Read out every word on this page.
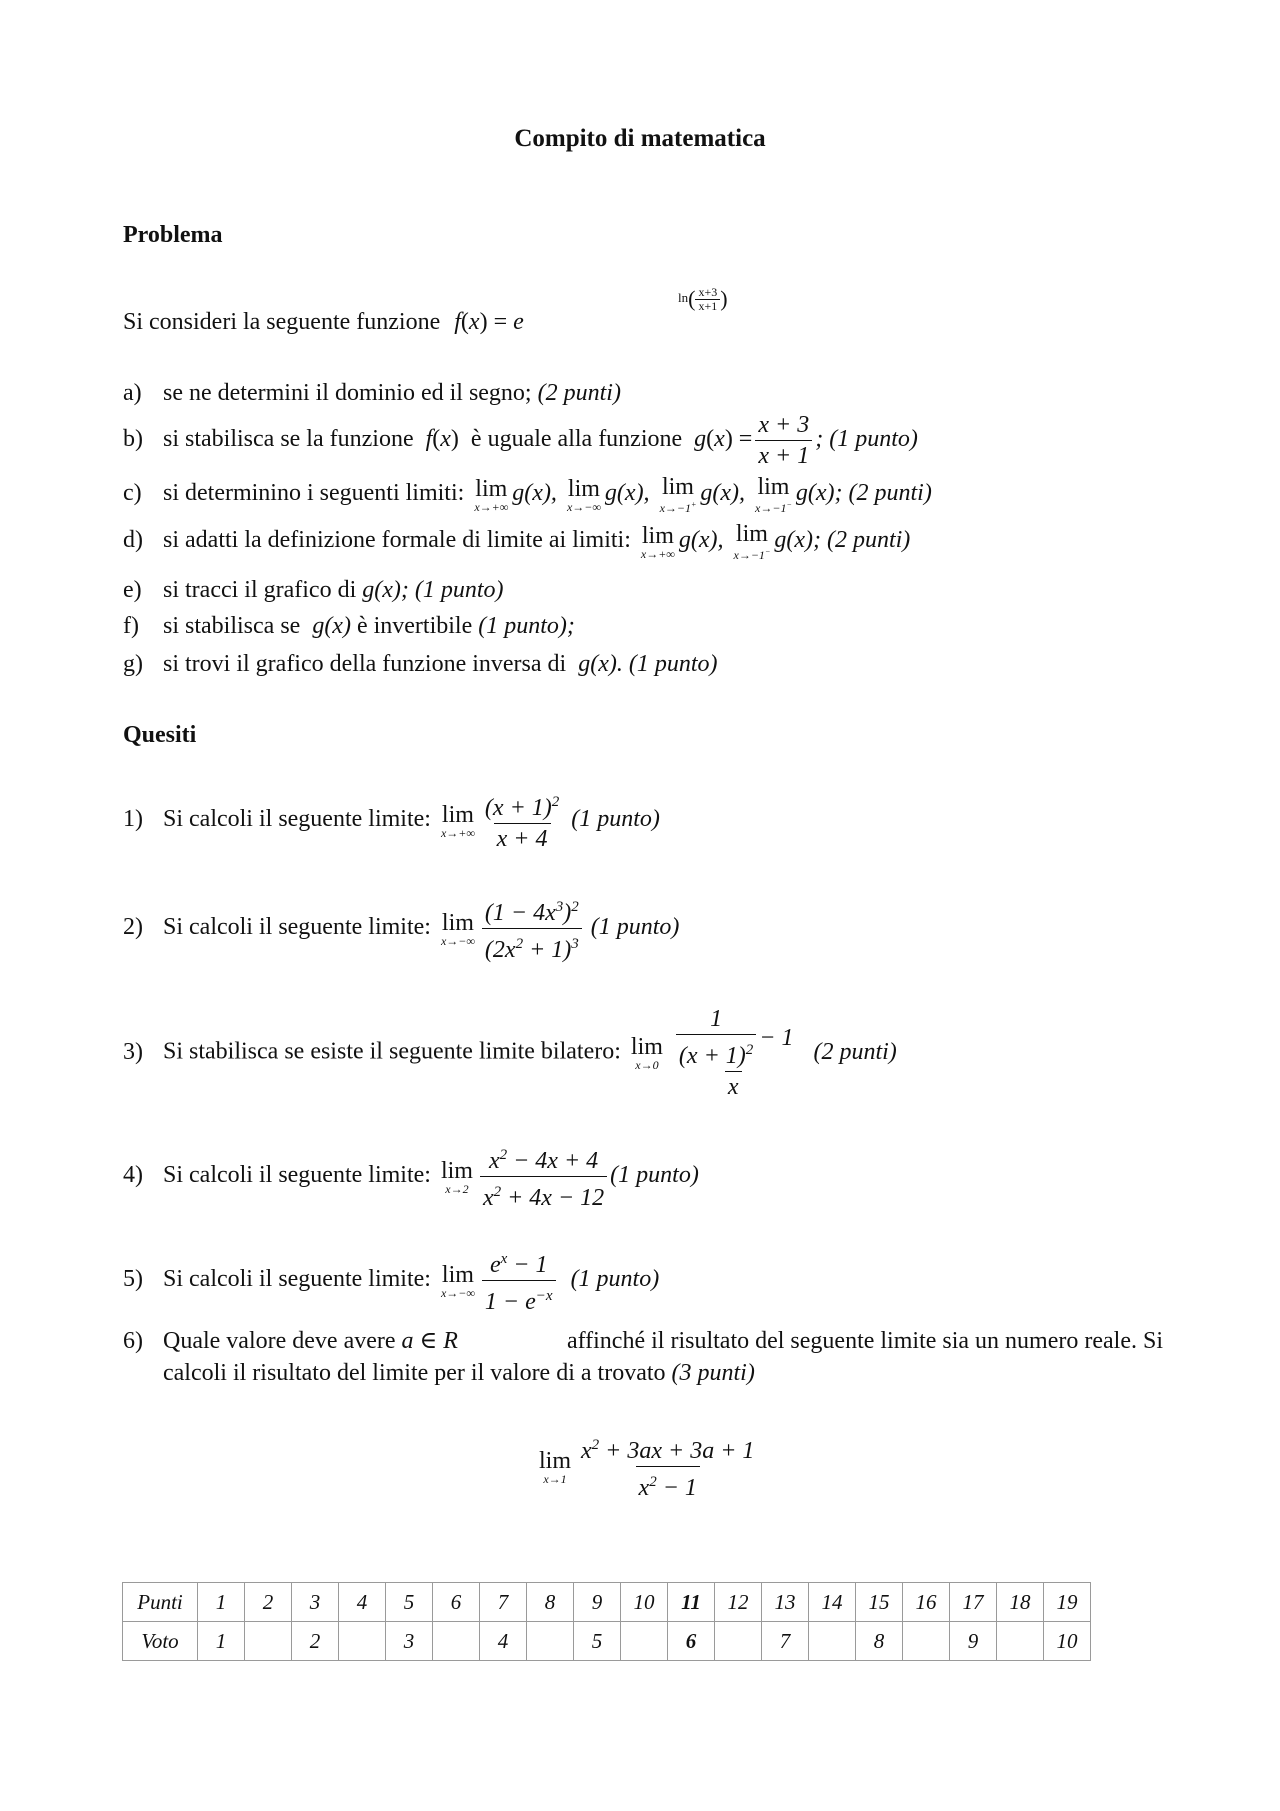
Compito di matematica
Problema
Si consideri la seguente funzione f(x) = e
$\ln( \frac{x+3}{x+1}$ )
a) se ne determini il dominio ed il segno; (2 punti)
b) si stabilisca se la funzione f(x) è uguale alla funzione $g(x) = \frac{x + 3}{x + 1}$ ; (1 punto)
c) si determinino i seguenti limiti: lim
x→+∞
g(x), lim
x→−∞
g(x), lim
x→−1+ g(x), lim
x→−1− g(x); (2 punti)
d) si adatti la definizione formale di limite ai limiti: lim
x→+∞
g(x), lim
x→−1− g(x); (2 punti)
e) si tracci il grafico di g(x); (1 punto)
f) si stabilisca se g(x) è invertibile (1 punto);
g) si trovi il grafico della funzione inversa di g(x). (1 punto)
Quesiti
1) Si calcoli il seguente limite: lim
$x\to+\infty \frac{(x + 1)^2}{x + 4} (1$ punto)
2) Si calcoli il seguente limite: lim
$x\to-\infty \frac{(1 - 4x^3)^2}{(2x^2 + 1)^3} (1$ punto)
3) Si stabilisca se esiste il seguente limite bilatero: lim
$x\to 0 \frac{\frac{1}{(x + 1)^2} - 1}{x} (2$ punti)
4) Si calcoli il seguente limite: lim
$x\to 2 \frac{x^2 - 4x + 4}{x^2 + 4x - 12} (1$ punto)
5) Si calcoli il seguente limite: lim
$x\to-\infty \frac{e^x - 1}{1 - e^{-x}} (1$ punto)
6) Quale valore deve avere a ∈ R	affinché il risultato del seguente limite sia un numero reale. Si
calcoli il risultato del limite per il valore di a trovato (3 punti)
lim
$x\to 1 \frac{x^2 + 3ax + 3a + 1}{x^2 - 1}$
Punti	1	2	3	4	5	6	7	8	9	10	11	12	13	14	15	16	17	18	19
Voto	1		2		3		4		5		6		7		8		9		10
